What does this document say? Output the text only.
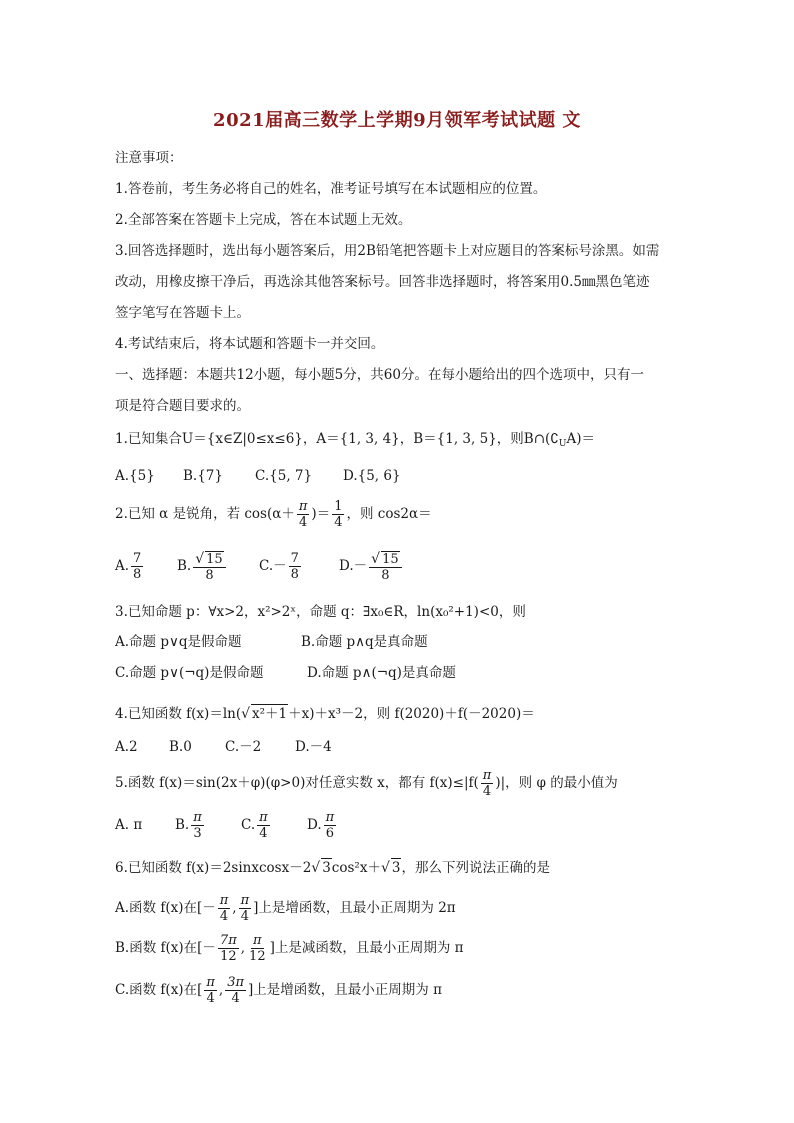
2021届高三数学上学期9月领军考试试题 文
注意事项：
1.答卷前，考生务必将自己的姓名，准考证号填写在本试题相应的位置。
2.全部答案在答题卡上完成，答在本试题上无效。
3.回答选择题时，选出每小题答案后，用2B铅笔把答题卡上对应题目的答案标号涂黑。如需
改动，用橡皮擦干净后，再选涂其他答案标号。回答非选择题时，将答案用0.5㎜黑色笔迹
签字笔写在答题卡上。
4.考试结束后，将本试题和答题卡一并交回。
一、选择题：本题共12小题，每小题5分，共60分。在每小题给出的四个选项中，只有一
项是符合题目要求的。
1.已知集合U＝{x∈Z|0≤x≤6}，A＝{1, 3, 4}，B＝{1, 3, 5}，则$B\cap(∁_UA)=$
A.{5} B.{7} C.{5, 7} D.{5, 6}
2.已知 α 是锐角，若 $\cos(\alpha+ \frac{\pi}{4}$ )＝ $\frac{1}{4}$ ，则 cos2α＝
A. $\frac{7}{8} B$. $\frac{√ 15}{8} C.- \frac{7}{8}$	$D.- \frac{√ 15}{8}$
3.已知命题 p：∀x>2，x²>2ˣ，命题 q：∃x₀∈R，ln(x₀²+1)<0，则
A.命题 p∨q是假命题	B.命题 p∧q是真命题
C.命题 p∨(¬q)是假命题	D.命题 p∧(¬q)是真命题
4.已知函数 f(x)＝ln(√ x²＋1＋x)＋x³－2，则 f(2020)＋f(－2020)＝
A.2 B.0 C.－2	D.－4
5.函数 f(x)＝sin(2x＋φ)(φ>0)对任意实数 x，都有 $f(x)\le|f( \frac{\pi}{4}$ )|，则 φ 的最小值为
A. π B. $\frac{\pi}{3}$	C. $\frac{\pi}{4}$	D. $\frac{\pi}{6}$
6.已知函数 f(x)＝2sinxcosx－2√ 3cos²x＋√ 3，那么下列说法正确的是
A.函数 f(x)在[－ $\frac{\pi}{4}$ , $\frac{\pi}{4}$ ]上是增函数，且最小正周期为 2π
B.函数 f(x)在[－ $\frac{7\pi}{12}$ , $\frac{\pi}{12}$ ]上是减函数，且最小正周期为 π
C.函数 f(x)在[ $\frac{\pi}{4}$ , $\frac{3\pi}{4}$ ]上是增函数，且最小正周期为 π
